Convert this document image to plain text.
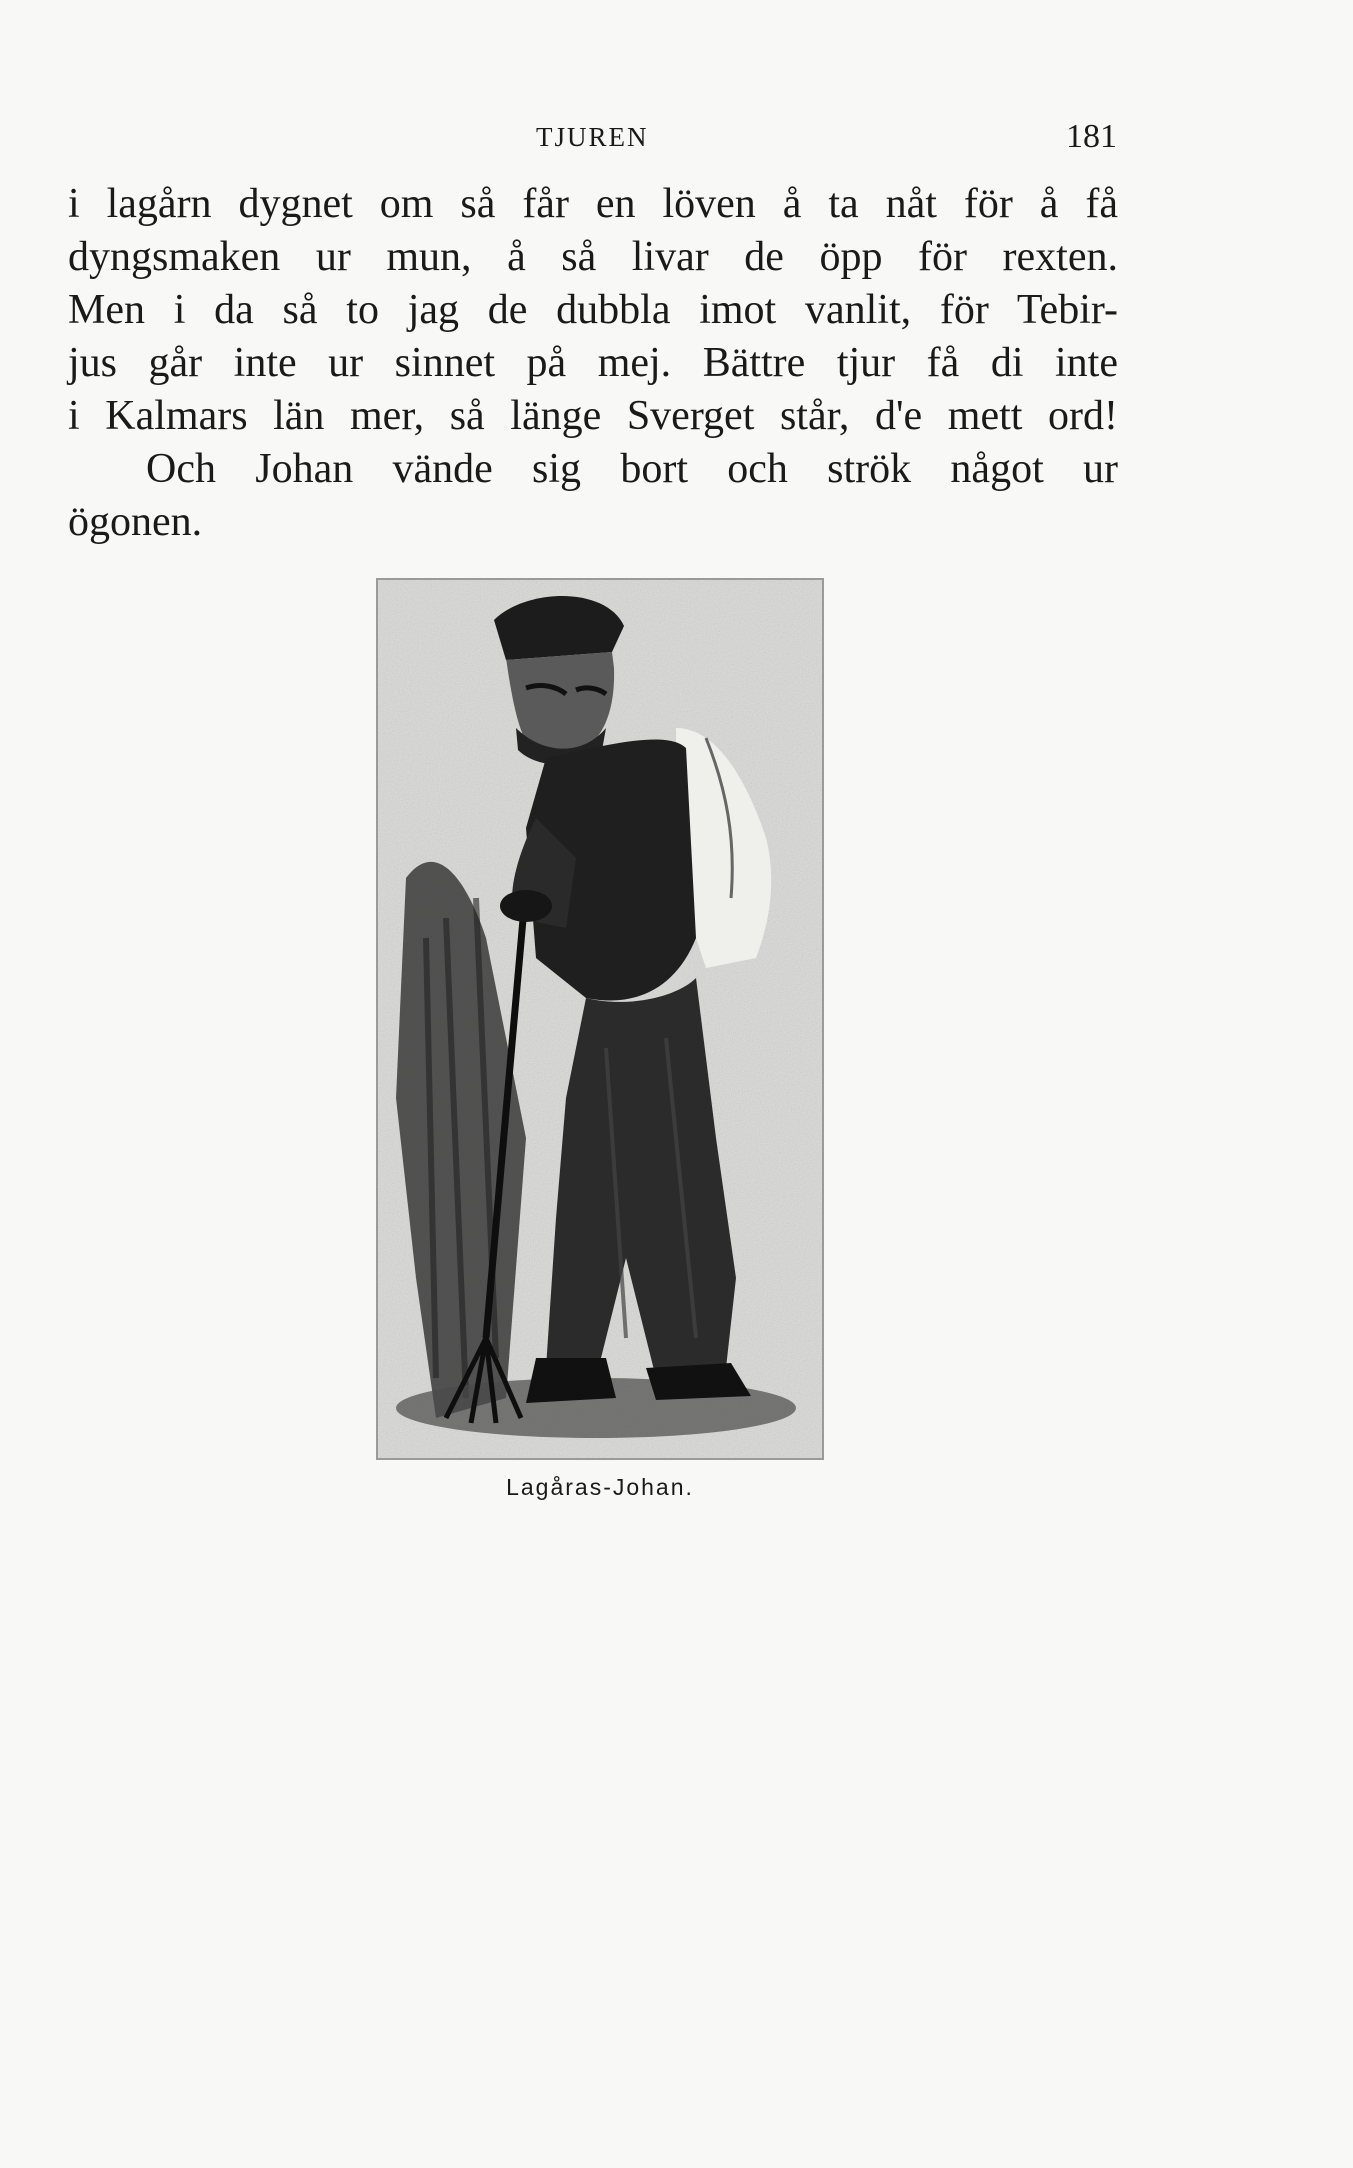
TJUREN	181
i lagårn dygnet om så får en löven å ta nåt för å få
dyngsmaken ur mun, å så livar de öpp för rexten.
Men i da så to jag de dubbla imot vanlit, för Tebir-
jus går inte ur sinnet på mej. Bättre tjur få di inte
i Kalmars län mer, så länge Sverget står, d'e mett ord!
Och Johan vände sig bort och strök något ur
ögonen.
Lagåras-Johan.
